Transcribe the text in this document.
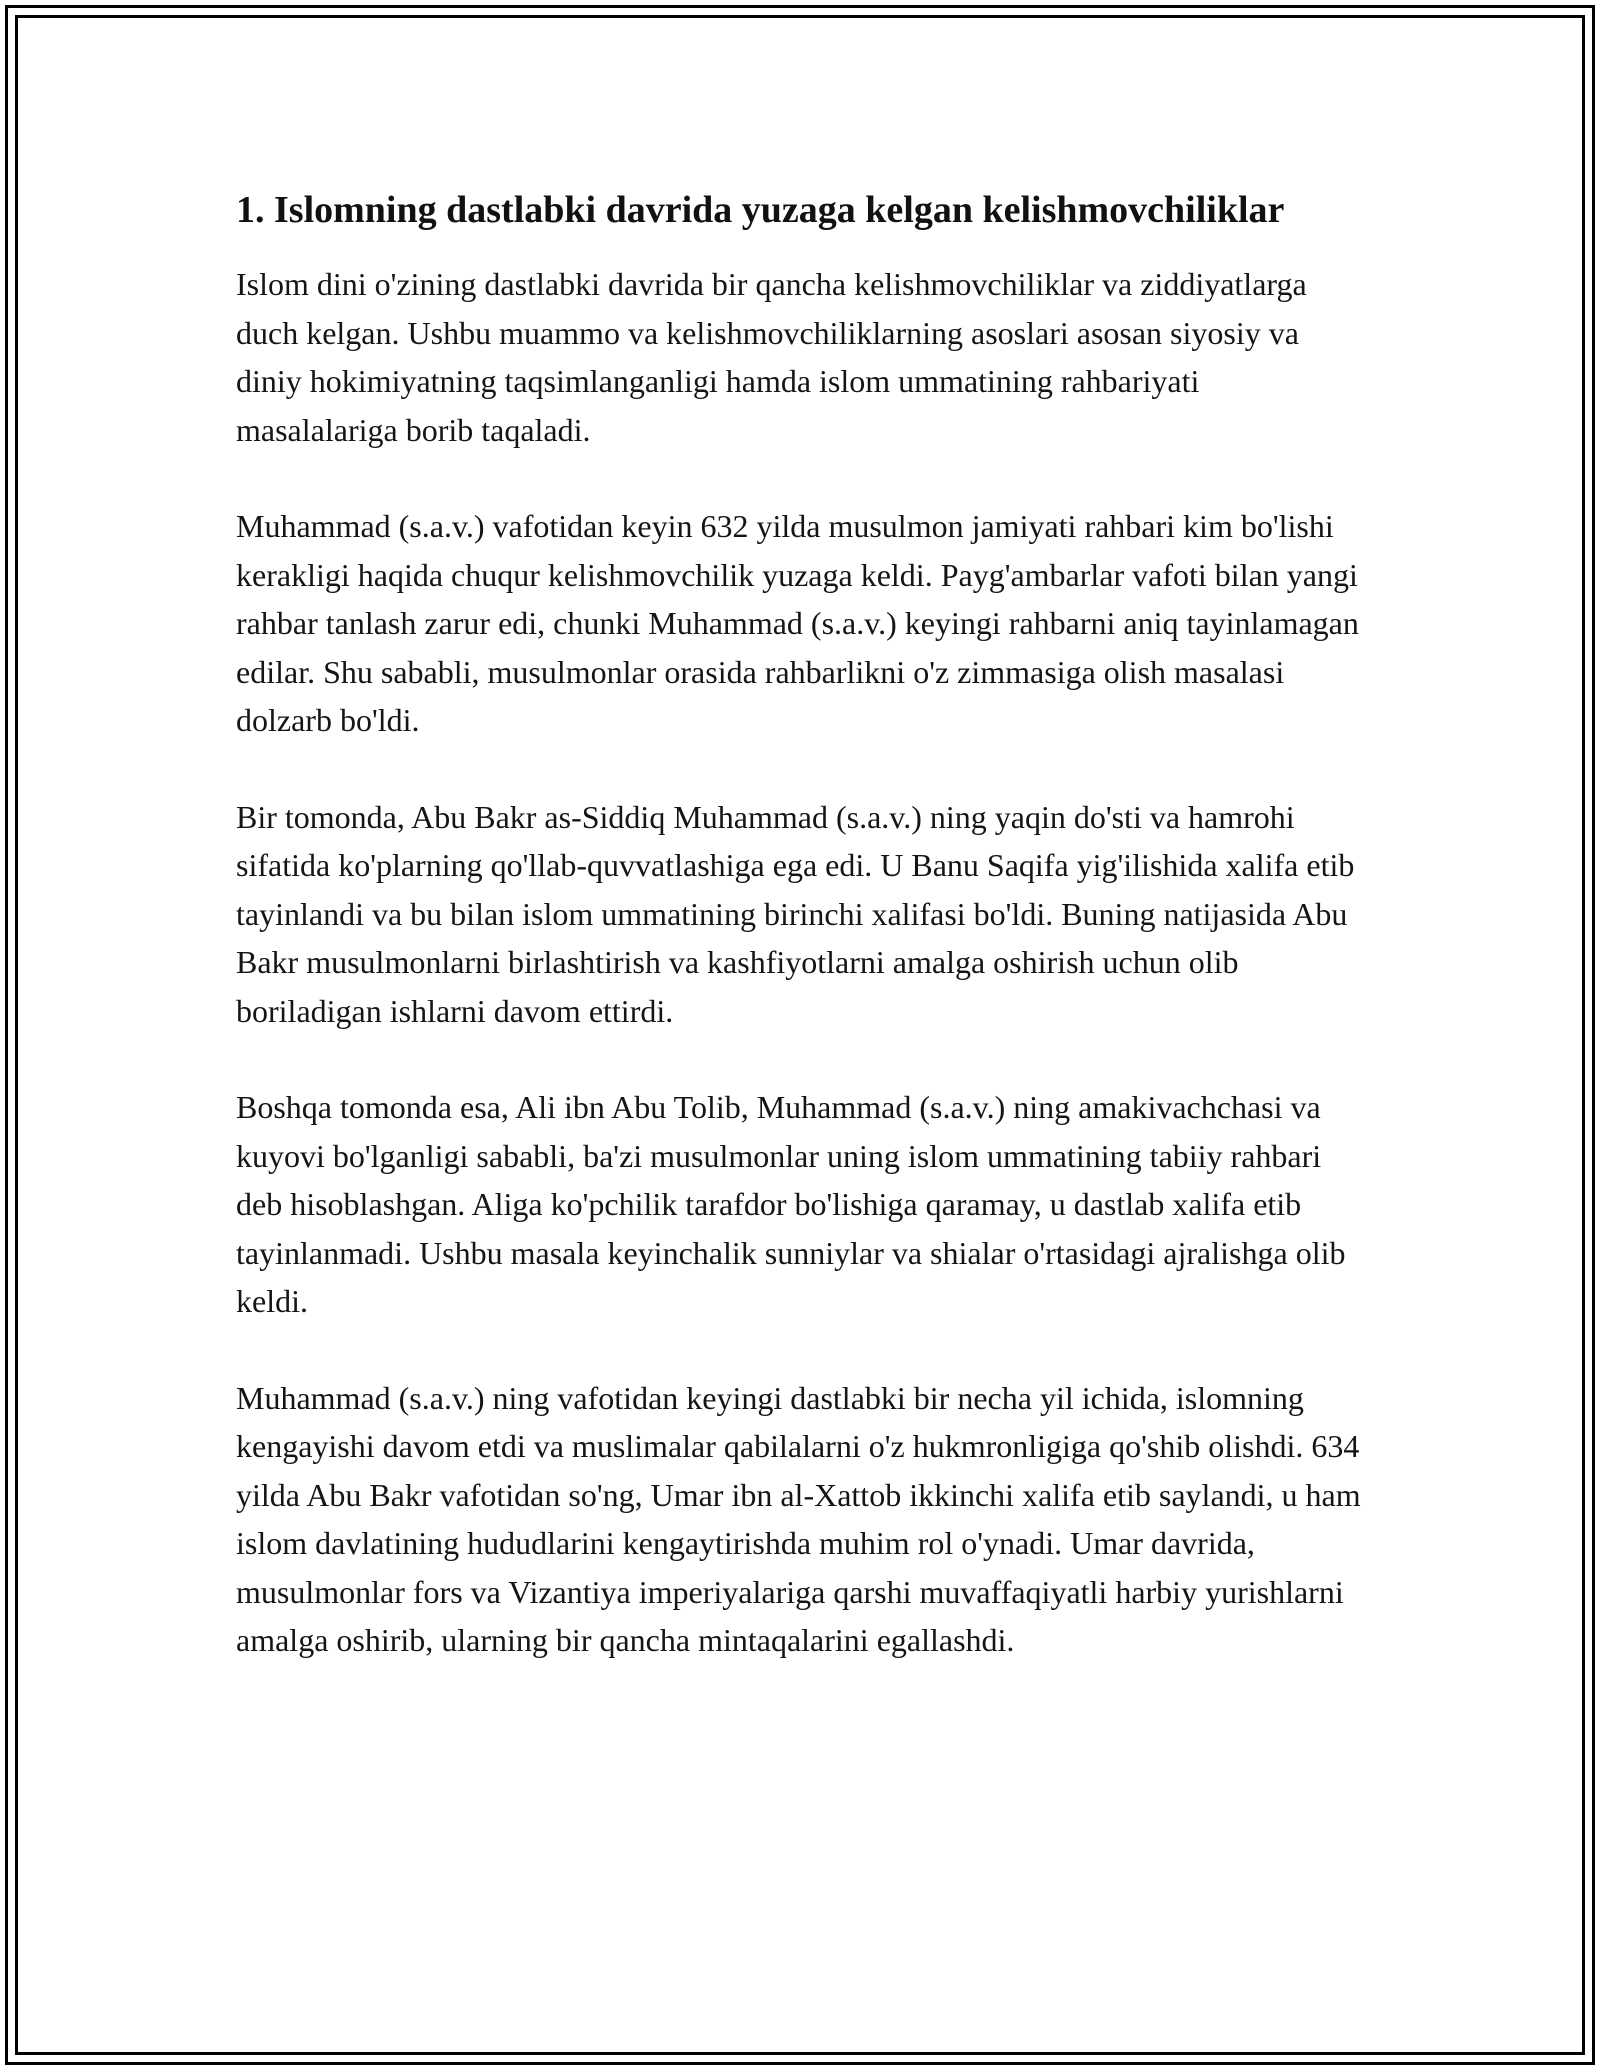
1. Islomning dastlabki davrida yuzaga kelgan kelishmovchiliklar

Islom dini o'zining dastlabki davrida bir qancha kelishmovchiliklar va ziddiyatlarga duch kelgan. Ushbu muammo va kelishmovchiliklarning asoslari asosan siyosiy va diniy hokimiyatning taqsimlanganligi hamda islom ummatining rahbariyati masalalariga borib taqaladi.

Muhammad (s.a.v.) vafotidan keyin 632 yilda musulmon jamiyati rahbari kim bo'lishi kerakligi haqida chuqur kelishmovchilik yuzaga keldi. Payg'ambarlar vafoti bilan yangi rahbar tanlash zarur edi, chunki Muhammad (s.a.v.) keyingi rahbarni aniq tayinlamagan edilar. Shu sababli, musulmonlar orasida rahbarlikni o'z zimmasiga olish masalasi dolzarb bo'ldi.

Bir tomonda, Abu Bakr as-Siddiq Muhammad (s.a.v.) ning yaqin do'sti va hamrohi sifatida ko'plarning qo'llab-quvvatlashiga ega edi. U Banu Saqifa yig'ilishida xalifa etib tayinlandi va bu bilan islom ummatining birinchi xalifasi bo'ldi. Buning natijasida Abu Bakr musulmonlarni birlashtirish va kashfiyotlarni amalga oshirish uchun olib boriladigan ishlarni davom ettirdi.

Boshqa tomonda esa, Ali ibn Abu Tolib, Muhammad (s.a.v.) ning amakivachchasi va kuyovi bo'lganligi sababli, ba'zi musulmonlar uning islom ummatining tabiiy rahbari deb hisoblashgan. Aliga ko'pchilik tarafdor bo'lishiga qaramay, u dastlab xalifa etib tayinlanmadi. Ushbu masala keyinchalik sunniylar va shialar o'rtasidagi ajralishga olib keldi.

Muhammad (s.a.v.) ning vafotidan keyingi dastlabki bir necha yil ichida, islomning kengayishi davom etdi va muslimalar qabilalarni o'z hukmronligiga qo'shib olishdi. 634 yilda Abu Bakr vafotidan so'ng, Umar ibn al-Xattob ikkinchi xalifa etib saylandi, u ham islom davlatining hududlarini kengaytirishda muhim rol o'ynadi. Umar davrida, musulmonlar fors va Vizantiya imperiyalariga qarshi muvaffaqiyatli harbiy yurishlarni amalga oshirib, ularning bir qancha mintaqalarini egallashdi.
